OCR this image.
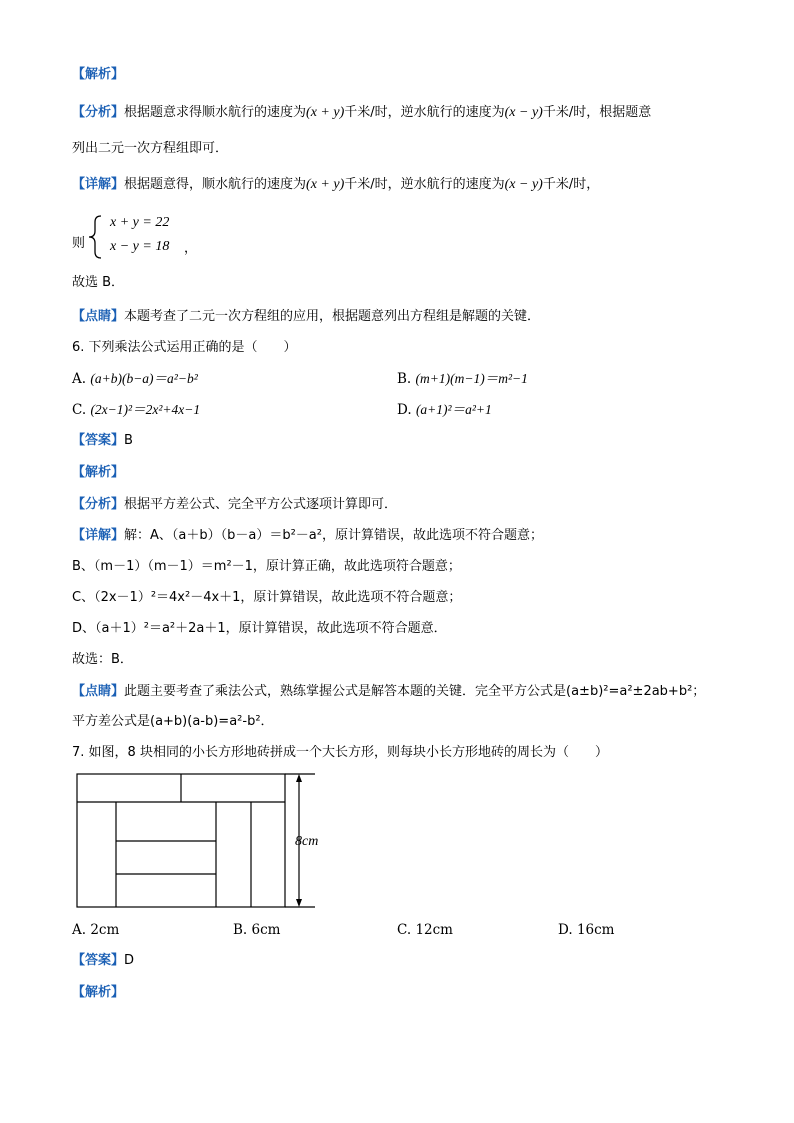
【解析】
【分析】根据题意求得顺水航行的速度为(x + y)千米/时，逆水航行的速度为(x − y)千米/时，根据题意
列出二元一次方程组即可．
【详解】根据题意得，顺水航行的速度为(x + y)千米/时，逆水航行的速度为(x − y)千米/时，
则
x + y = 22
x − y = 18 ，
故选 B．
【点睛】本题考查了二元一次方程组的应用，根据题意列出方程组是解题的关键．
6. 下列乘法公式运用正确的是（　　）
A. (a+b)(b−a)＝a²−b²	B. (m+1)(m−1)＝m²−1
C. (2x−1)²＝2x²+4x−1	D. (a+1)²＝a²+1
【答案】B
【解析】
【分析】根据平方差公式、完全平方公式逐项计算即可．
【详解】解：A、（a＋b）（b－a）＝b²－a²，原计算错误，故此选项不符合题意；
B、（m－1）（m－1）＝m²－1，原计算正确，故此选项符合题意；
C、（2x－1）²＝4x²－4x＋1，原计算错误，故此选项不符合题意；
D、（a＋1）²＝a²＋2a＋1，原计算错误，故此选项不符合题意．
故选：B．
【点睛】此题主要考查了乘法公式，熟练掌握公式是解答本题的关键．完全平方公式是(a±b)²=a²±2ab+b²；
平方差公式是(a+b)(a-b)=a²-b²．
7. 如图，8 块相同的小长方形地砖拼成一个大长方形，则每块小长方形地砖的周长为（　　）
8cm
A. 2cm	B. 6cm	C. 12cm	D. 16cm
【答案】D
【解析】
